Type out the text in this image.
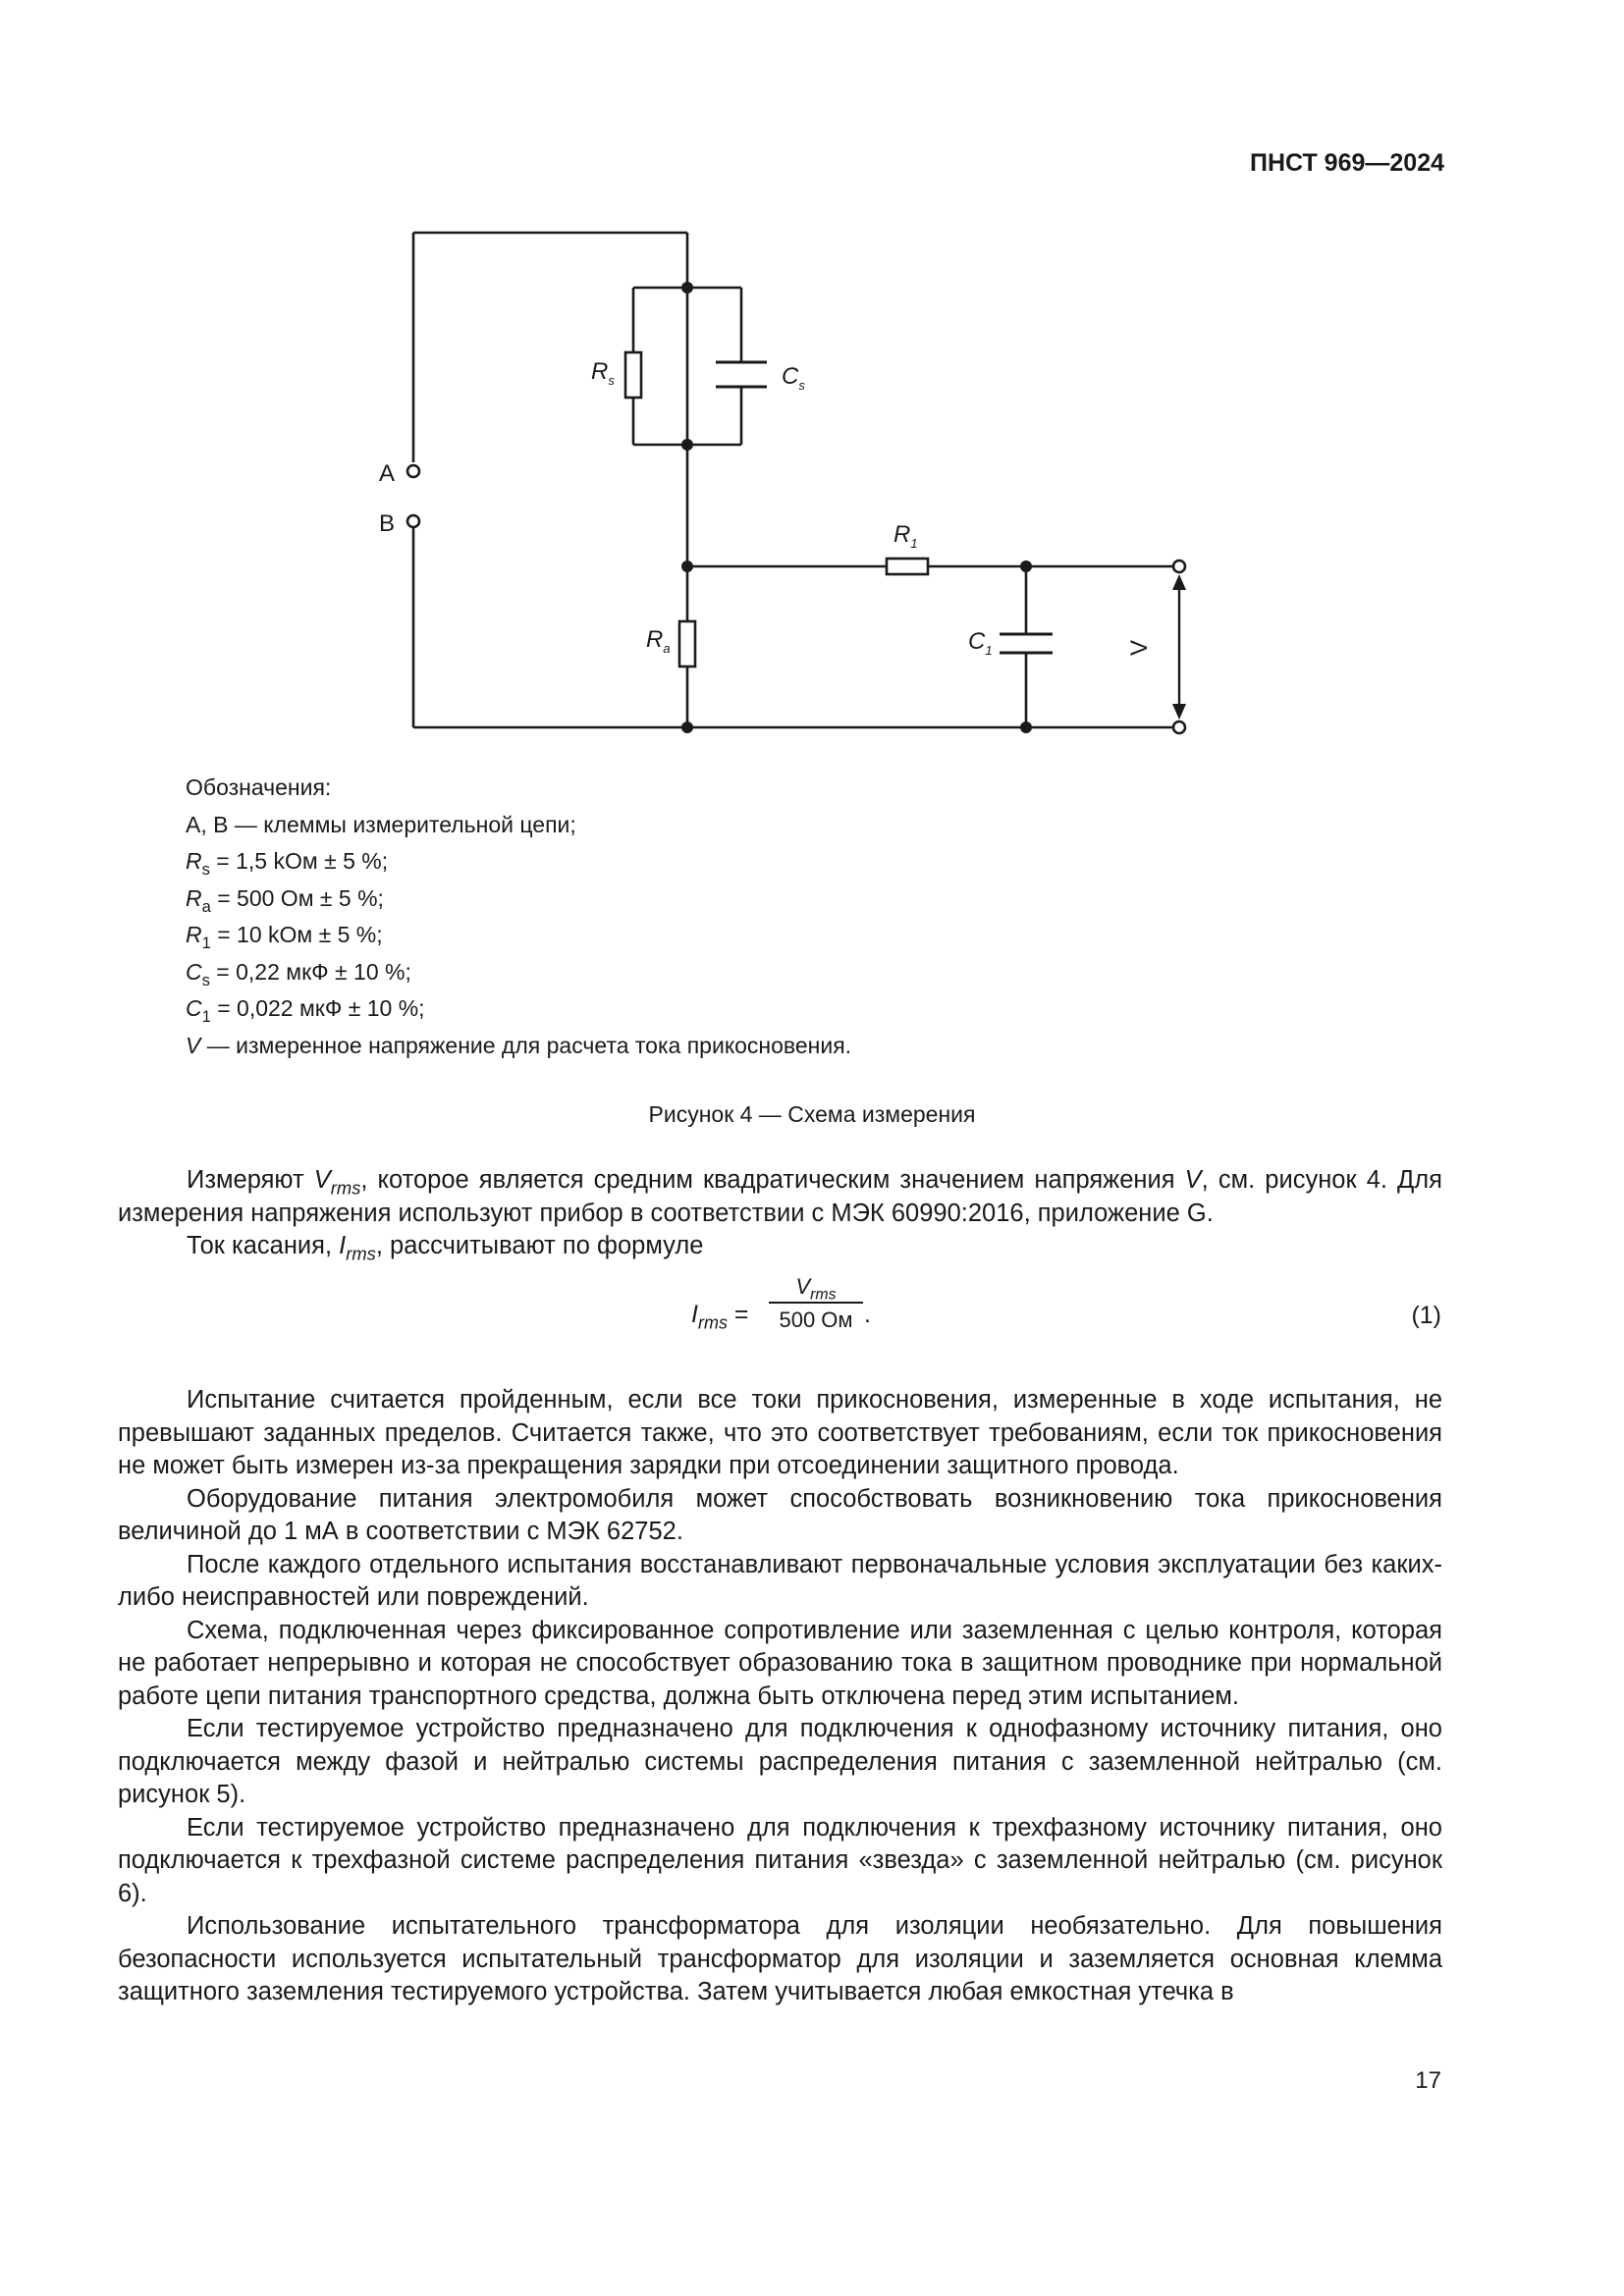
ПНСТ 969—2024
A
B
$R_s$	$C_s$
$R_1$
$R_a$	$C_1$	V
Обозначения:
А, В — клеммы измерительной цепи;
$R_s = 1,5$ kОм ± 5 %;
$R_a = 500$ Ом ± 5 %;
$R_1 = 10$ kОм ± 5 %;
$C_s = 0,22$ мкФ ± 10 %;
$C_1 = 0,022$ мкФ ± 10 %;
V — измеренное напряжение для расчета тока прикосновения.
Рисунок 4 — Схема измерения

Измеряют $V_{rms}$, которое является средним квадратическим значением напряжения V, см. рисунок 4. Для измерения напряжения используют прибор в соответствии с МЭК 60990:2016, приложение G.

Ток касания, $I_{rms}$, рассчитывают по формуле

$I_{rms}$ =
$V_{rms}$
500 Ом .	(1)

Испытание считается пройденным, если все токи прикосновения, измеренные в ходе испытания, не превышают заданных пределов. Считается также, что это соответствует требованиям, если ток прикосновения не может быть измерен из-за прекращения зарядки при отсоединении защитного провода.

Оборудование питания электромобиля может способствовать возникновению тока прикосновения величиной до 1 мА в соответствии с МЭК 62752.

После каждого отдельного испытания восстанавливают первоначальные условия эксплуатации без каких-либо неисправностей или повреждений.

Схема, подключенная через фиксированное сопротивление или заземленная с целью контроля, которая не работает непрерывно и которая не способствует образованию тока в защитном проводнике при нормальной работе цепи питания транспортного средства, должна быть отключена перед этим испытанием.

Если тестируемое устройство предназначено для подключения к однофазному источнику питания, оно подключается между фазой и нейтралью системы распределения питания с заземленной нейтралью (см. рисунок 5).

Если тестируемое устройство предназначено для подключения к трехфазному источнику питания, оно подключается к трехфазной системе распределения питания «звезда» с заземленной нейтралью (см. рисунок 6).

Использование испытательного трансформатора для изоляции необязательно. Для повышения безопасности используется испытательный трансформатор для изоляции и заземляется основная клемма защитного заземления тестируемого устройства. Затем учитывается любая емкостная утечка в

17
